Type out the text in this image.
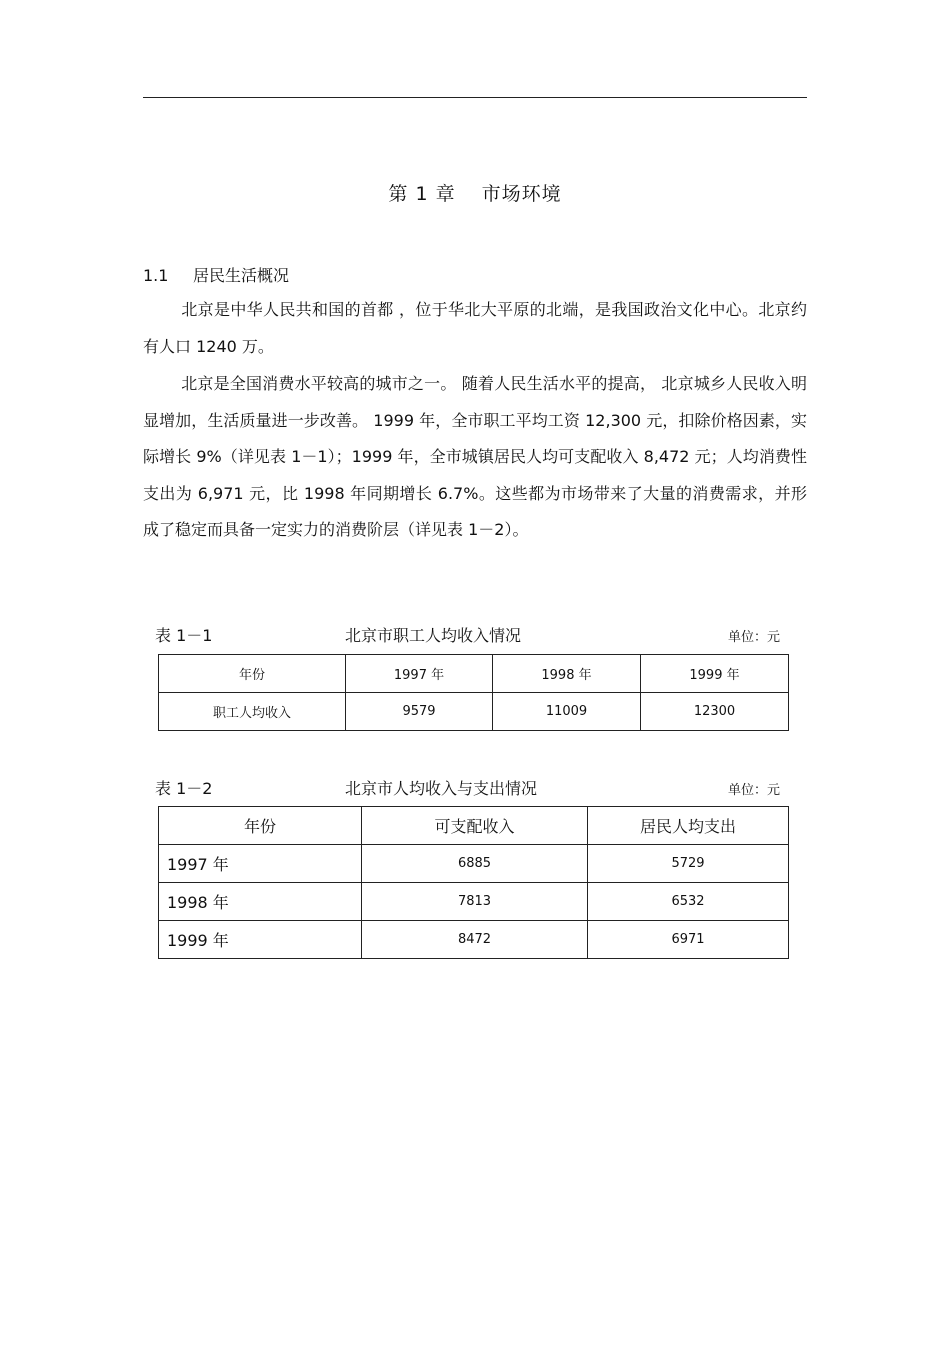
第 1 章 市场环境
1.1 居民生活概况
北京是中华人民共和国的首都 ，位于华北大平原的北端，是我国政治文化中心。北京约有人口 1240 万。
北京是全国消费水平较高的城市之一。 随着人民生活水平的提高， 北京城乡人民收入明显增加，生活质量进一步改善。 1999 年，全市职工平均工资 12,300 元，扣除价格因素，实际增长 9%（详见表 1－1）；1999 年，全市城镇居民人均可支配收入 8,472 元；人均消费性支出为 6,971 元，比 1998 年同期增长 6.7%。这些都为市场带来了大量的消费需求，并形成了稳定而具备一定实力的消费阶层（详见表 1－2）。
表 1－1	北京市职工人均收入情况	单位：元
年份	1997 年	1998 年	1999 年
职工人均收入	9579	11009	12300
表 1－2	北京市人均收入与支出情况	单位：元
年份	可支配收入	居民人均支出
1997 年	6885	5729
1998 年	7813	6532
1999 年	8472	6971
